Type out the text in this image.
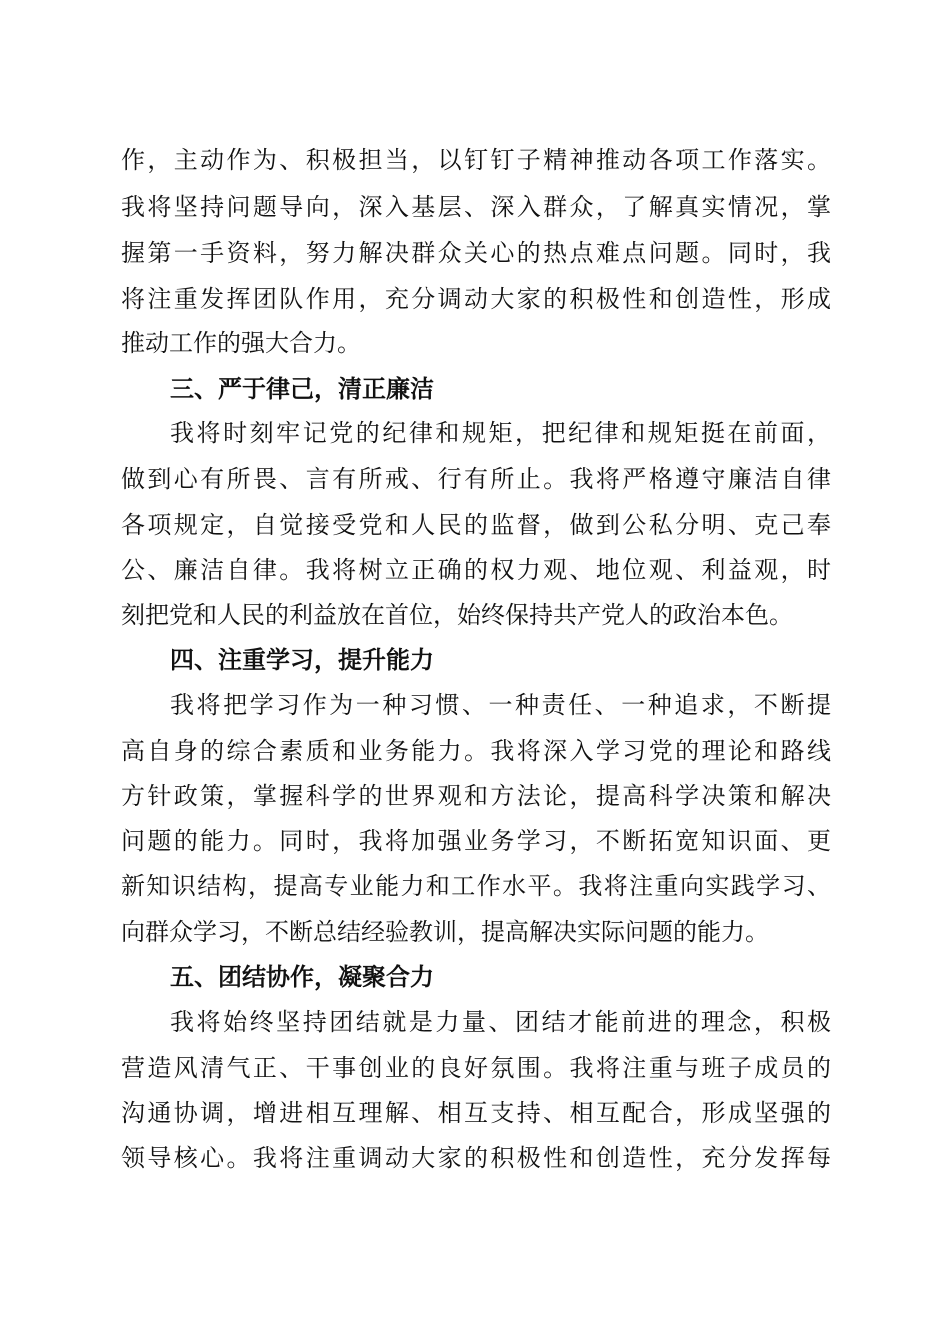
作，主动作为、积极担当，以钉钉子精神推动各项工作落实。
我将坚持问题导向，深入基层、深入群众，了解真实情况，掌
握第一手资料，努力解决群众关心的热点难点问题。同时，我
将注重发挥团队作用，充分调动大家的积极性和创造性，形成
推动工作的强大合力。
三、严于律己，清正廉洁
我将时刻牢记党的纪律和规矩，把纪律和规矩挺在前面，
做到心有所畏、言有所戒、行有所止。我将严格遵守廉洁自律
各项规定，自觉接受党和人民的监督，做到公私分明、克己奉
公、廉洁自律。我将树立正确的权力观、地位观、利益观，时
刻把党和人民的利益放在首位，始终保持共产党人的政治本色。
四、注重学习，提升能力
我将把学习作为一种习惯、一种责任、一种追求，不断提
高自身的综合素质和业务能力。我将深入学习党的理论和路线
方针政策，掌握科学的世界观和方法论，提高科学决策和解决
问题的能力。同时，我将加强业务学习，不断拓宽知识面、更
新知识结构，提高专业能力和工作水平。我将注重向实践学习、
向群众学习，不断总结经验教训，提高解决实际问题的能力。
五、团结协作，凝聚合力
我将始终坚持团结就是力量、团结才能前进的理念，积极
营造风清气正、干事创业的良好氛围。我将注重与班子成员的
沟通协调，增进相互理解、相互支持、相互配合，形成坚强的
领导核心。我将注重调动大家的积极性和创造性，充分发挥每
